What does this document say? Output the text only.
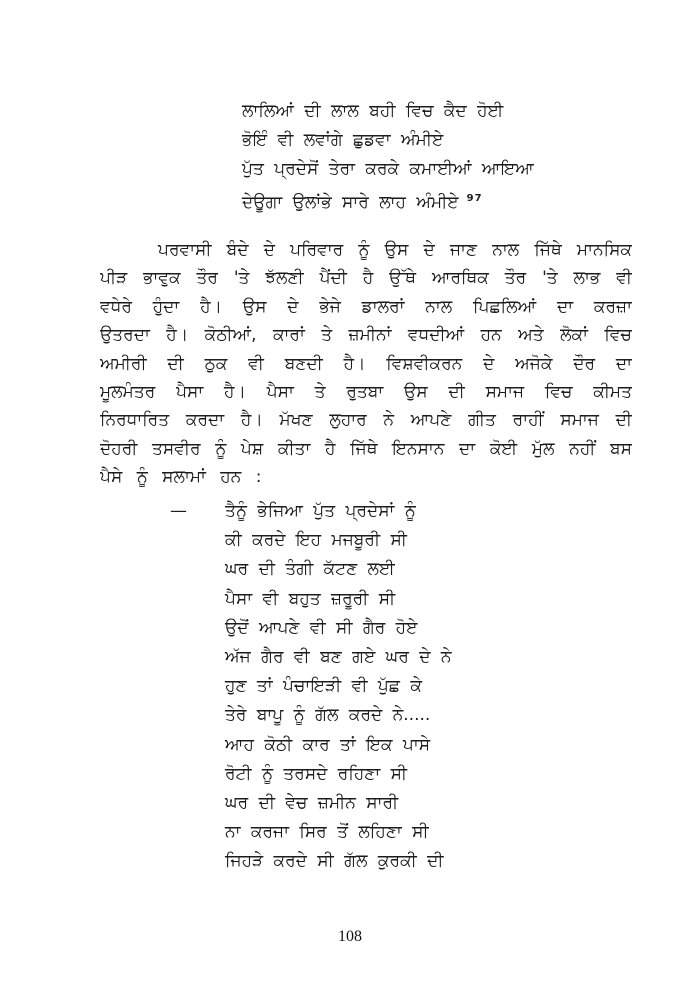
ਲਾਲਿਆਂ ਦੀ ਲਾਲ ਬਹੀ ਵਿਚ ਕੈਦ ਹੋਈ
ਭੋਇੰ ਵੀ ਲਵਾਂਗੇ ਛੁਡਵਾ ਅੰਮੀਏ
ਪੁੱਤ ਪ੍ਰਦੇਸੋਂ ਤੇਰਾ ਕਰਕੇ ਕਮਾਈਆਂ ਆਇਆ
ਦੇਊਗਾ ਉਲਾਂਭੇ ਸਾਰੇ ਲਾਹ ਅੰਮੀਏ $^{97}$
ਪਰਵਾਸੀ ਬੰਦੇ ਦੇ ਪਰਿਵਾਰ ਨੂੰ ਉਸ ਦੇ ਜਾਣ ਨਾਲ ਜਿੱਥੇ ਮਾਨਸਿਕ
ਪੀੜ ਭਾਵੁਕ ਤੌਰ 'ਤੇ ਝੱਲਣੀ ਪੈਂਦੀ ਹੈ ਉੱਥੇ ਆਰਥਿਕ ਤੌਰ 'ਤੇ ਲਾਭ ਵੀ
ਵਧੇਰੇ ਹੁੰਦਾ ਹੈ। ਉਸ ਦੇ ਭੇਜੇ ਡਾਲਰਾਂ ਨਾਲ ਪਿਛਲਿਆਂ ਦਾ ਕਰਜ਼ਾ
ਉਤਰਦਾ ਹੈ। ਕੋਠੀਆਂ, ਕਾਰਾਂ ਤੇ ਜ਼ਮੀਨਾਂ ਵਧਦੀਆਂ ਹਨ ਅਤੇ ਲੋਕਾਂ ਵਿਚ
ਅਮੀਰੀ ਦੀ ਠੁਕ ਵੀ ਬਣਦੀ ਹੈ। ਵਿਸ਼ਵੀਕਰਨ ਦੇ ਅਜੋਕੇ ਦੌਰ ਦਾ
ਮੂਲਮੰਤਰ ਪੈਸਾ ਹੈ। ਪੈਸਾ ਤੇ ਰੁਤਬਾ ਉਸ ਦੀ ਸਮਾਜ ਵਿਚ ਕੀਮਤ
ਨਿਰਧਾਰਿਤ ਕਰਦਾ ਹੈ। ਮੱਖਣ ਲੁਹਾਰ ਨੇ ਆਪਣੇ ਗੀਤ ਰਾਹੀਂ ਸਮਾਜ ਦੀ
ਦੋਹਰੀ ਤਸਵੀਰ ਨੂੰ ਪੇਸ਼ ਕੀਤਾ ਹੈ ਜਿੱਥੇ ਇਨਸਾਨ ਦਾ ਕੋਈ ਮੁੱਲ ਨਹੀਂ ਬਸ
ਪੈਸੇ ਨੂੰ ਸਲਾਮਾਂ ਹਨ :
— ਤੈਨੂੰ ਭੇਜਿਆ ਪੁੱਤ ਪ੍ਰਦੇਸਾਂ ਨੂੰ
ਕੀ ਕਰਦੇ ਇਹ ਮਜਬੂਰੀ ਸੀ
ਘਰ ਦੀ ਤੰਗੀ ਕੱਟਣ ਲਈ
ਪੈਸਾ ਵੀ ਬਹੁਤ ਜ਼ਰੂਰੀ ਸੀ
ਉਦੋਂ ਆਪਣੇ ਵੀ ਸੀ ਗੈਰ ਹੋਏ
ਅੱਜ ਗੈਰ ਵੀ ਬਣ ਗਏ ਘਰ ਦੇ ਨੇ
ਹੁਣ ਤਾਂ ਪੰਚਾਇੜੀ ਵੀ ਪੁੱਛ ਕੇ
ਤੇਰੇ ਬਾਪੂ ਨੂੰ ਗੱਲ ਕਰਦੇ ਨੇ.....
ਆਹ ਕੋਠੀ ਕਾਰ ਤਾਂ ਇਕ ਪਾਸੇ
ਰੋਟੀ ਨੂੰ ਤਰਸਦੇ ਰਹਿਣਾ ਸੀ
ਘਰ ਦੀ ਵੇਚ ਜ਼ਮੀਨ ਸਾਰੀ
ਨਾ ਕਰਜਾ ਸਿਰ ਤੋਂ ਲਹਿਣਾ ਸੀ
ਜਿਹੜੇ ਕਰਦੇ ਸੀ ਗੱਲ ਕੁਰਕੀ ਦੀ
108
